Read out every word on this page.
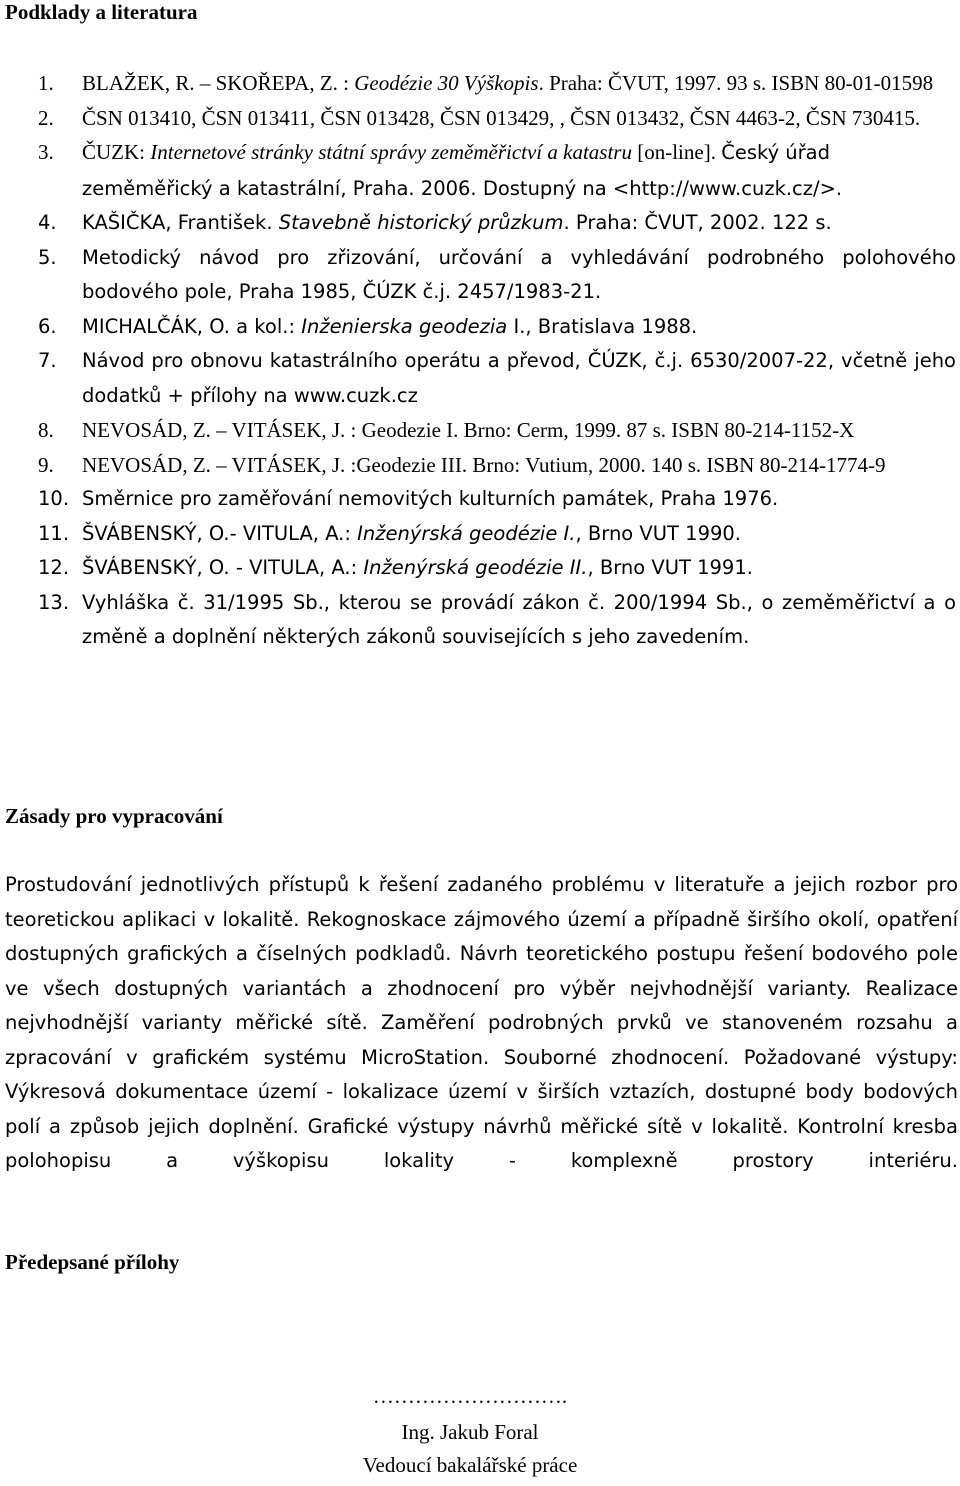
Podklady a literatura
1. BLAŽEK, R. – SKOŘEPA, Z. : Geodézie 30 Výškopis. Praha: ČVUT, 1997. 93 s. ISBN 80-01-01598
2. ČSN 013410, ČSN 013411, ČSN 013428, ČSN 013429, , ČSN 013432, ČSN 4463-2, ČSN 730415.
3. ČUZK: Internetové stránky státní správy zeměměřictví a katastru [on-line]. Český úřad zeměměřický a katastrální, Praha. 2006. Dostupný na <http://www.cuzk.cz/>.
4. KAŠIČKA, František. Stavebně historický průzkum. Praha: ČVUT, 2002. 122 s.
5. Metodický návod pro zřizování, určování a vyhledávání podrobného polohového bodového pole, Praha 1985, ČÚZK č.j. 2457/1983-21.
6. MICHALČÁK, O. a kol.: Inženierska geodezia I., Bratislava 1988.
7. Návod pro obnovu katastrálního operátu a převod, ČÚZK, č.j. 6530/2007-22, včetně jeho dodatků + přílohy na www.cuzk.cz
8. NEVOSÁD, Z. – VITÁSEK, J. : Geodezie I. Brno: Cerm, 1999. 87 s. ISBN 80-214-1152-X
9. NEVOSÁD, Z. – VITÁSEK, J. :Geodezie III. Brno: Vutium, 2000. 140 s. ISBN 80-214-1774-9
10. Směrnice pro zaměřování nemovitých kulturních památek, Praha 1976.
11. ŠVÁBENSKÝ, O.- VITULA, A.: Inženýrská geodézie I., Brno VUT 1990.
12. ŠVÁBENSKÝ, O. - VITULA, A.: Inženýrská geodézie II., Brno VUT 1991.
13. Vyhláška č. 31/1995 Sb., kterou se provádí zákon č. 200/1994 Sb., o zeměměřictví a o změně a doplnění některých zákonů souvisejících s jeho zavedením.
Zásady pro vypracování

Prostudování jednotlivých přístupů k řešení zadaného problému v literatuře a jejich rozbor pro teoretickou aplikaci v lokalitě. Rekognoskace zájmového území a případně širšího okolí, opatření dostupných grafických a číselných podkladů. Návrh teoretického postupu řešení bodového pole ve všech dostupných variantách a zhodnocení pro výběr nejvhodnější varianty. Realizace nejvhodnější varianty měřické sítě. Zaměření podrobných prvků ve stanoveném rozsahu a zpracování v grafickém systému MicroStation. Souborné zhodnocení. Požadované výstupy: Výkresová dokumentace území - lokalizace území v širších vztazích, dostupné body bodových polí a způsob jejich doplnění. Grafické výstupy návrhů měřické sítě v lokalitě. Kontrolní kresba polohopisu a výškopisu lokality - komplexně prostory interiéru.

Předepsané přílohy
……………………….
Ing. Jakub Foral
Vedoucí bakalářské práce
